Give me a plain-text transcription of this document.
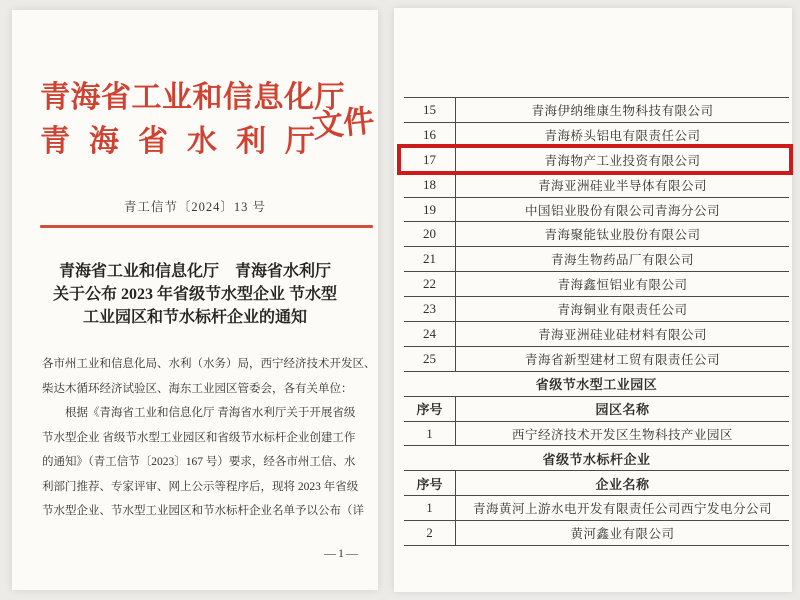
青海省工业和信息化厅
青海省水利厅
文件
青工信节〔2024〕13 号
青海省工业和信息化厅　青海省水利厅
关于公布 2023 年省级节水型企业 节水型
工业园区和节水标杆企业的通知
各市州工业和信息化局、水利（水务）局，西宁经济技术开发区、
柴达木循环经济试验区、海东工业园区管委会，各有关单位：
　　根据《青海省工业和信息化厅 青海省水利厅关于开展省级
节水型企业 省级节水型工业园区和省级节水标杆企业创建工作
的通知》（青工信节〔2023〕167 号）要求，经各市州工信、水
利部门推荐、专家评审、网上公示等程序后，现将 2023 年省级
节水型企业、节水型工业园区和节水标杆企业名单予以公布（详
—1—
15	青海伊纳维康生物科技有限公司
16	青海桥头铝电有限责任公司
17	青海物产工业投资有限公司
18	青海亚洲硅业半导体有限公司
19	中国铝业股份有限公司青海分公司
20	青海聚能钛业股份有限公司
21	青海生物药品厂有限公司
22	青海鑫恒铝业有限公司
23	青海铜业有限责任公司
24	青海亚洲硅业硅材料有限公司
25	青海省新型建材工贸有限责任公司
省级节水型工业园区
序号	园区名称
1	西宁经济技术开发区生物科技产业园区
省级节水标杆企业
序号	企业名称
1	青海黄河上游水电开发有限责任公司西宁发电分公司
2	黄河鑫业有限公司
